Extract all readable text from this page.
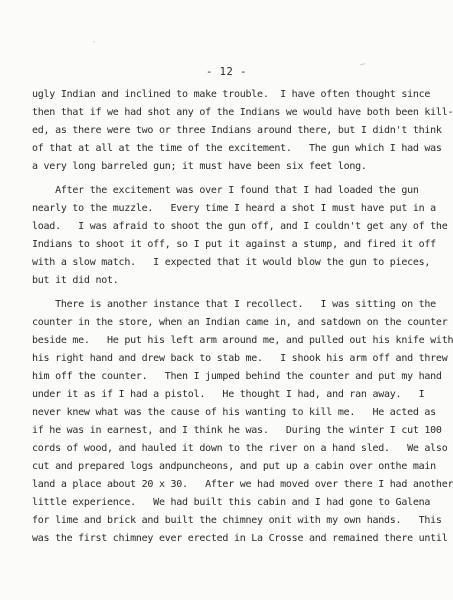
'
~
- 12 -
ugly Indian and inclined to make trouble.  I have often thought since
then that if we had shot any of the Indians we would have both been kill-
ed, as there were two or three Indians around there, but I didn't think
of that at all at the time of the excitement.   The gun which I had was
a very long barreled gun; it must have been six feet long.
After the excitement was over I found that I had loaded the gun
nearly to the muzzle.   Every time I heard a shot I must have put in a
load.   I was afraid to shoot the gun off, and I couldn't get any of the
Indians to shoot it off, so I put it against a stump, and fired it off
with a slow match.   I expected that it would blow the gun to pieces,
but it did not.
There is another instance that I recollect.   I was sitting on the
counter in the store, when an Indian came in, and satdown on the counter
beside me.   He put his left arm around me, and pulled out his knife with
his right hand and drew back to stab me.   I shook his arm off and threw
him off the counter.   Then I jumped behind the counter and put my hand
under it as if I had a pistol.   He thought I had, and ran away.   I
never knew what was the cause of his wanting to kill me.   He acted as
if he was in earnest, and I think he was.   During the winter I cut 100
cords of wood, and hauled it down to the river on a hand sled.   We also
cut and prepared logs andpuncheons, and put up a cabin over onthe main
land a place about 20 x 30.   After we had moved over there I had another
little experience.   We had built this cabin and I had gone to Galena
for lime and brick and built the chimney onit with my own hands.   This
was the first chimney ever erected in La Crosse and remained there until
